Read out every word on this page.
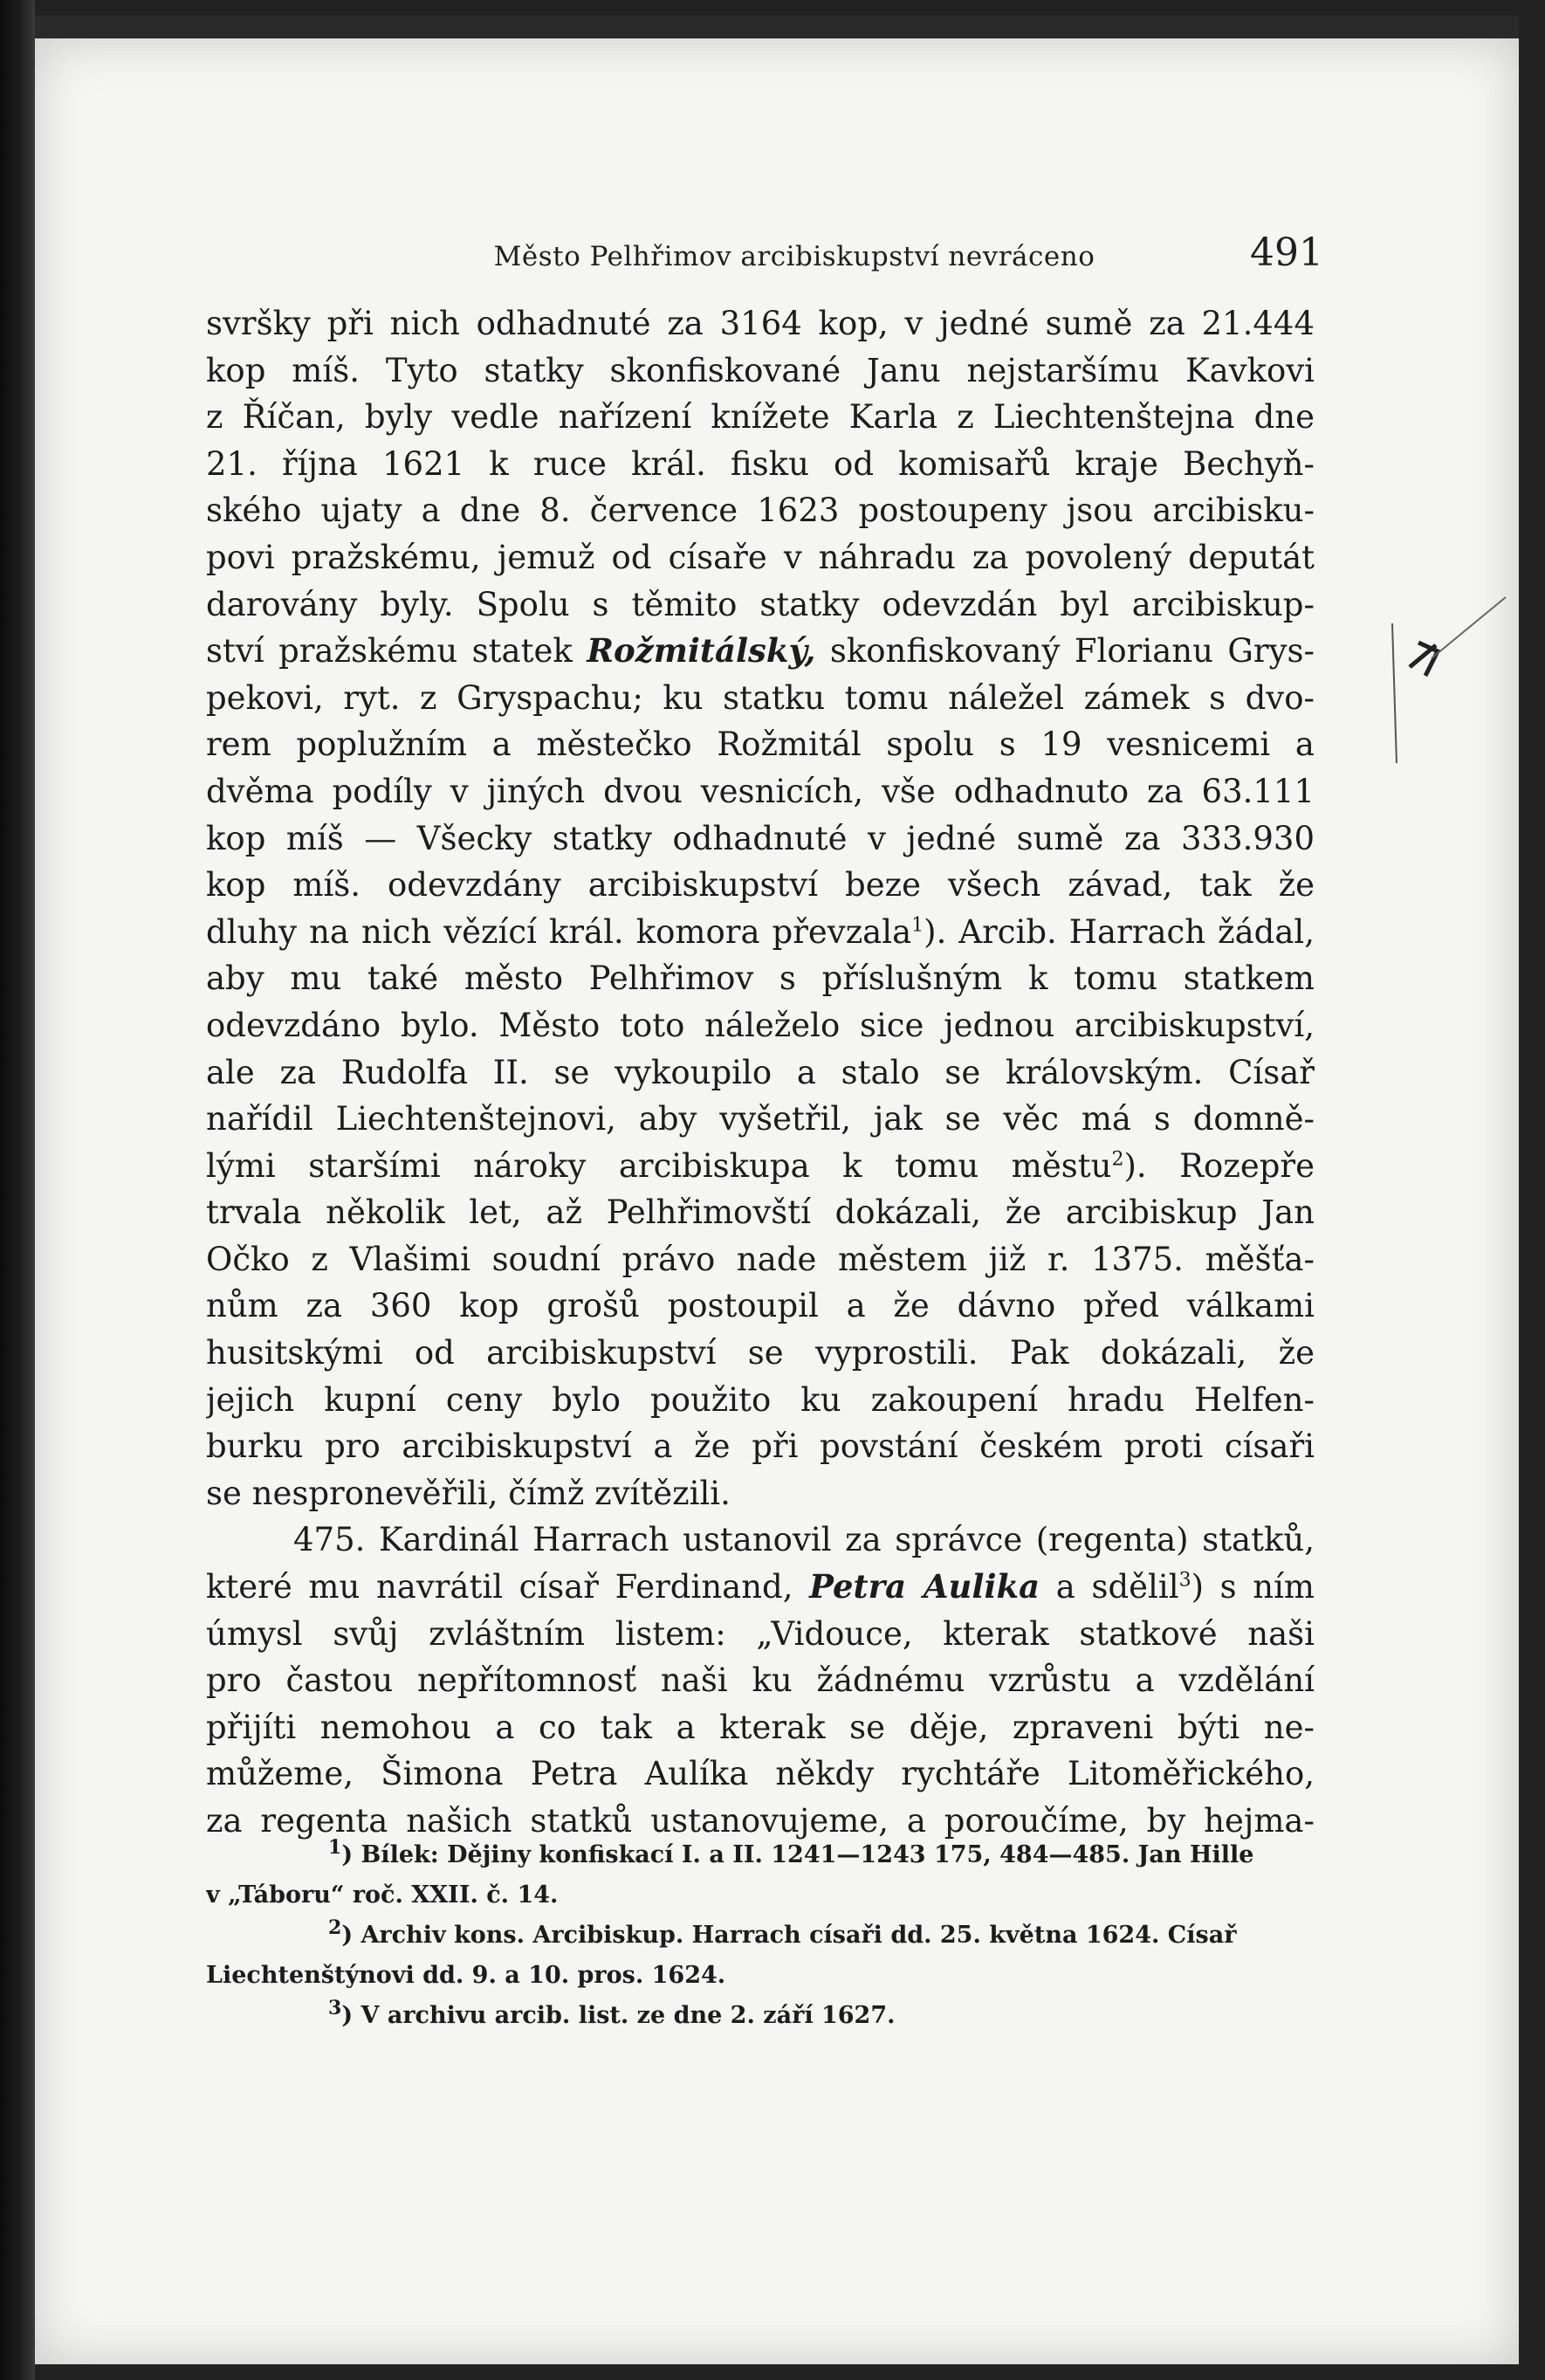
Město Pelhřimov arcibiskupství nevráceno	491
svršky při nich odhadnuté za 3164 kop, v jedné sumě za 21.444
kop míš. Tyto statky skonfiskované Janu nejstaršímu Kavkovi
z Říčan, byly vedle nařízení knížete Karla z Liechtenštejna dne
21. října 1621 k ruce král. fisku od komisařů kraje Bechyň-
ského ujaty a dne 8. července 1623 postoupeny jsou arcibisku-
povi pražskému, jemuž od císaře v náhradu za povolený deputát
darovány byly. Spolu s těmito statky odevzdán byl arcibiskup-
ství pražskému statek Rožmitálský, skonfiskovaný Florianu Grys-
pekovi, ryt. z Gryspachu; ku statku tomu náležel zámek s dvo-
rem poplužním a městečko Rožmitál spolu s 19 vesnicemi a
dvěma podíly v jiných dvou vesnicích, vše odhadnuto za 63.111
kop míš — Všecky statky odhadnuté v jedné sumě za 333.930
kop míš. odevzdány arcibiskupství beze všech závad, tak že
dluhy na nich vězící král. komora převzala$^1$). Arcib. Harrach žádal,
aby mu také město Pelhřimov s příslušným k tomu statkem
odevzdáno bylo. Město toto náleželo sice jednou arcibiskupství,
ale za Rudolfa II. se vykoupilo a stalo se královským. Císař
nařídil Liechtenštejnovi, aby vyšetřil, jak se věc má s domně-
lými staršími nároky arcibiskupa k tomu městu$^2$). Rozepře
trvala několik let, až Pelhřimovští dokázali, že arcibiskup Jan
Očko z Vlašimi soudní právo nade městem již r. 1375. měšťa-
nům za 360 kop grošů postoupil a že dávno před válkami
husitskými od arcibiskupství se vyprostili. Pak dokázali, že
jejich kupní ceny bylo použito ku zakoupení hradu Helfen-
burku pro arcibiskupství a že při povstání českém proti císaři
se nespronevěřili, čímž zvítězili.
475. Kardinál Harrach ustanovil za správce (regenta) statků,
které mu navrátil císař Ferdinand, Petra Aulika a sdělil$^3$) s ním
úmysl svůj zvláštním listem: „Vidouce, kterak statkové naši
pro častou nepřítomnosť naši ku žádnému vzrůstu a vzdělání
přijíti nemohou a co tak a kterak se děje, zpraveni býti ne-
můžeme, Šimona Petra Aulíka někdy rychtáře Litoměřického,
za regenta našich statků ustanovujeme, a poroučíme, by hejma-
$^1$) Bílek: Dějiny konfiskací I. a II. 1241—1243 175, 484—485. Jan Hille
v „Táboru“ roč. XXII. č. 14.
$^2$) Archiv kons. Arcibiskup. Harrach císaři dd. 25. května 1624. Císař
Liechtenštýnovi dd. 9. a 10. pros. 1624.
$^3$) V archivu arcib. list. ze dne 2. září 1627.
